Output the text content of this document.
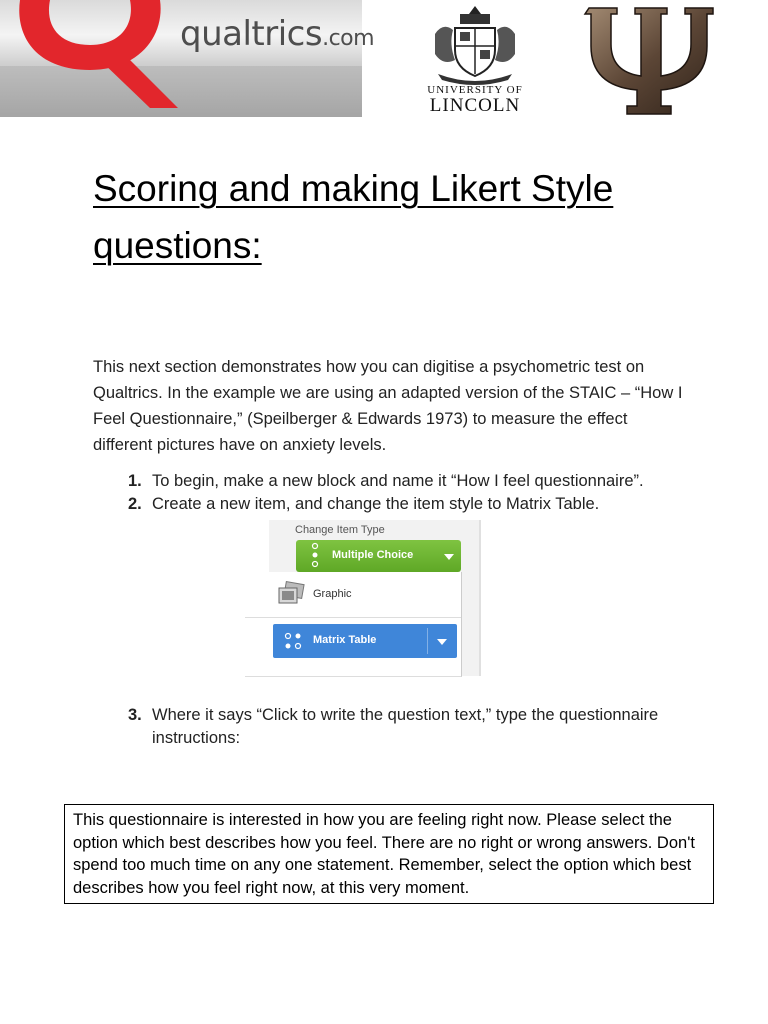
qualtrics.com
UNIVERSITY OF
LINCOLN
Scoring and making Likert Style questions:

This next section demonstrates how you can digitise a psychometric test on Qualtrics. In the example we are using an adapted version of the STAIC – “How I Feel Questionnaire,” (Speilberger & Edwards 1973) to measure the effect different pictures have on anxiety levels.

1. To begin, make a new block and name it “How I feel questionnaire”.
2. Create a new item, and change the item style to Matrix Table.
Change Item Type
Multiple Choice
Graphic
Matrix Table
3. Where it says “Click to write the question text,” type the questionnaire instructions:
This questionnaire is interested in how you are feeling right now. Please select the option which best describes how you feel. There are no right or wrong answers. Don't spend too much time on any one statement. Remember, select the option which best describes how you feel right now, at this very moment.
